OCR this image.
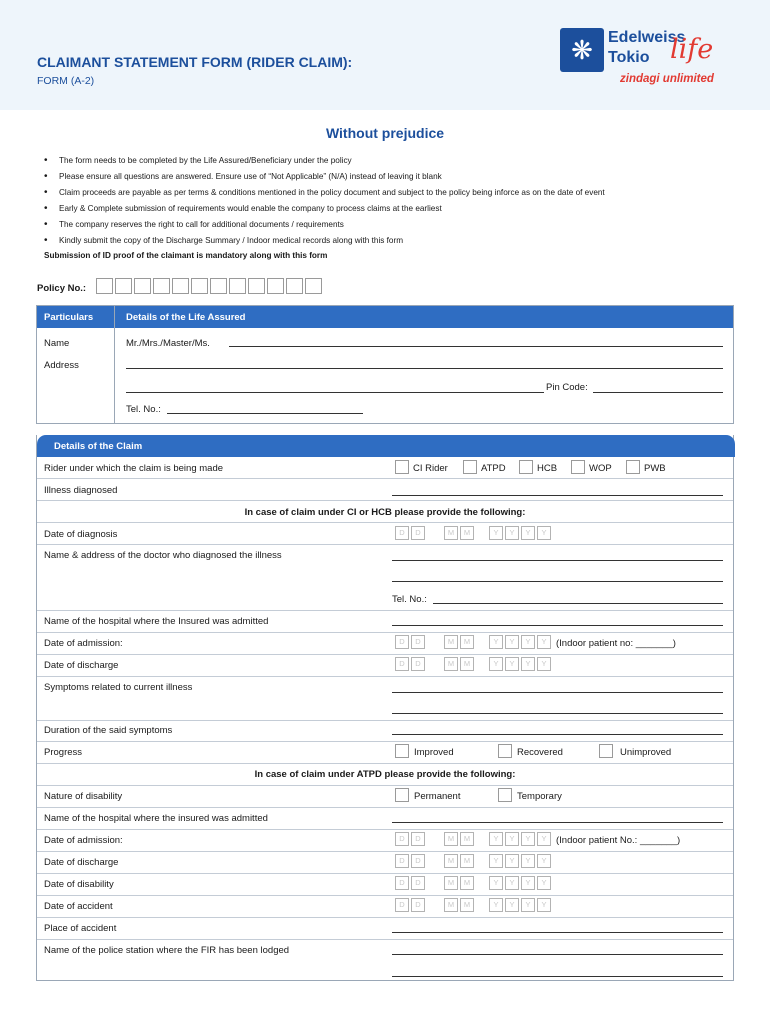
CLAIMANT STATEMENT FORM (RIDER CLAIM):
FORM (A-2)
❋ Edelweiss
Tokio life
zindagi unlimited
Without prejudice
• The form needs to be completed by the Life Assured/Beneficiary under the policy
• Please ensure all questions are answered. Ensure use of “Not Applicable” (N/A) instead of leaving it blank
• Claim proceeds are payable as per terms & conditions mentioned in the policy document and subject to the policy being inforce as on the date of event
• Early & Complete submission of requirements would enable the company to process claims at the earliest
• The company reserves the right to call for additional documents / requirements
• Kindly submit the copy of the Discharge Summary / Indoor medical records along with this form
Submission of ID proof of the claimant is mandatory along with this form
Policy No.:
Particulars	Details of the Life Assured
Name	Mr./Mrs./Master/Ms.
Address
Pin Code:
Tel. No.:
Details of the Claim
Rider under which the claim is being made	CI Rider	ATPD	HCB	WOP	PWB
Illness diagnosed
In case of claim under CI or HCB please provide the following:
Date of diagnosis	D	D	M	M	Y	Y	Y	Y
Name & address of the doctor who diagnosed the illness
Tel. No.:
Name of the hospital where the Insured was admitted
Date of admission:	D	D	M	M	Y	Y	Y	Y	(Indoor patient no: _______)
Date of discharge	D	D	M	M	Y	Y	Y	Y
Symptoms related to current illness
Duration of the said symptoms
Progress	Improved	Recovered	Unimproved
In case of claim under ATPD please provide the following:
Nature of disability	Permanent	Temporary
Name of the hospital where the insured was admitted
Date of admission:	D	D	M	M	Y	Y	Y	Y	(Indoor patient No.: _______)
Date of discharge	D	D	M	M	Y	Y	Y	Y
Date of disability	D	D	M	M	Y	Y	Y	Y
Date of accident	D	D	M	M	Y	Y	Y	Y
Place of accident
Name of the police station where the FIR has been lodged
